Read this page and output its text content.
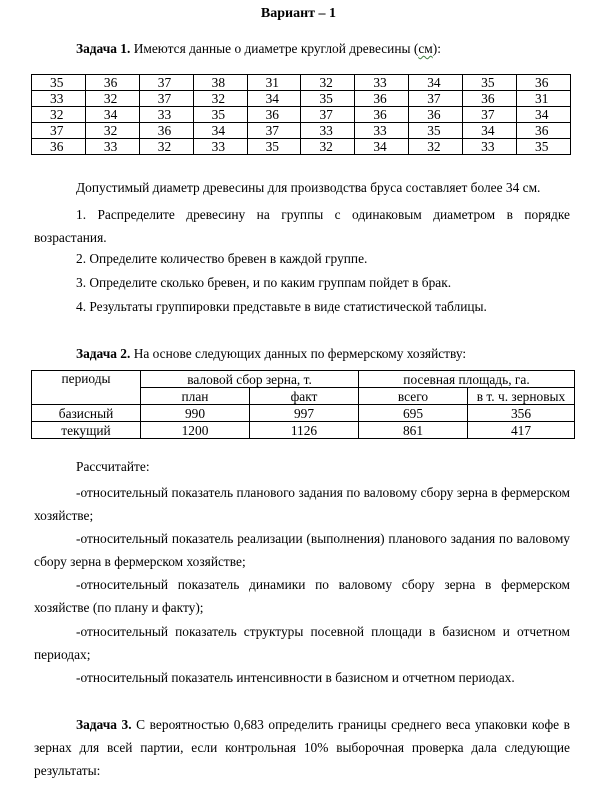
Вариант – 1
Задача 1. Имеются данные о диаметре круглой древесины (см):
35	36	37	38	31	32	33	34	35	36
33	32	37	32	34	35	36	37	36	31
32	34	33	35	36	37	36	36	37	34
37	32	36	34	37	33	33	35	34	36
36	33	32	33	35	32	34	32	33	35
Допустимый диаметр древесины для производства бруса составляет более 34 см.
1. Распределите древесину на группы с одинаковым диаметром в порядке возрастания.
2. Определите количество бревен в каждой группе.
3. Определите сколько бревен, и по каким группам пойдет в брак.
4. Результаты группировки представьте в виде статистической таблицы.
Задача 2. На основе следующих данных по фермерскому хозяйству:
периоды	валовой сбор зерна, т.		посевная площадь, га.	
	план	факт	всего	в т. ч. зерновых
базисный	990	997	695	356
текущий	1200	1126	861	417
Рассчитайте:
-относительный показатель планового задания по валовому сбору зерна в фермерском хозяйстве;
-относительный показатель реализации (выполнения) планового задания по валовому сбору зерна в фермерском хозяйстве;
-относительный показатель динамики по валовому сбору зерна в фермерском хозяйстве (по плану и факту);
-относительный показатель структуры посевной площади в базисном и отчетном периодах;
-относительный показатель интенсивности в базисном и отчетном периодах.
Задача 3. С вероятностью 0,683 определить границы среднего веса упаковки кофе в зернах для всей партии, если контрольная 10% выборочная проверка дала следующие результаты:
